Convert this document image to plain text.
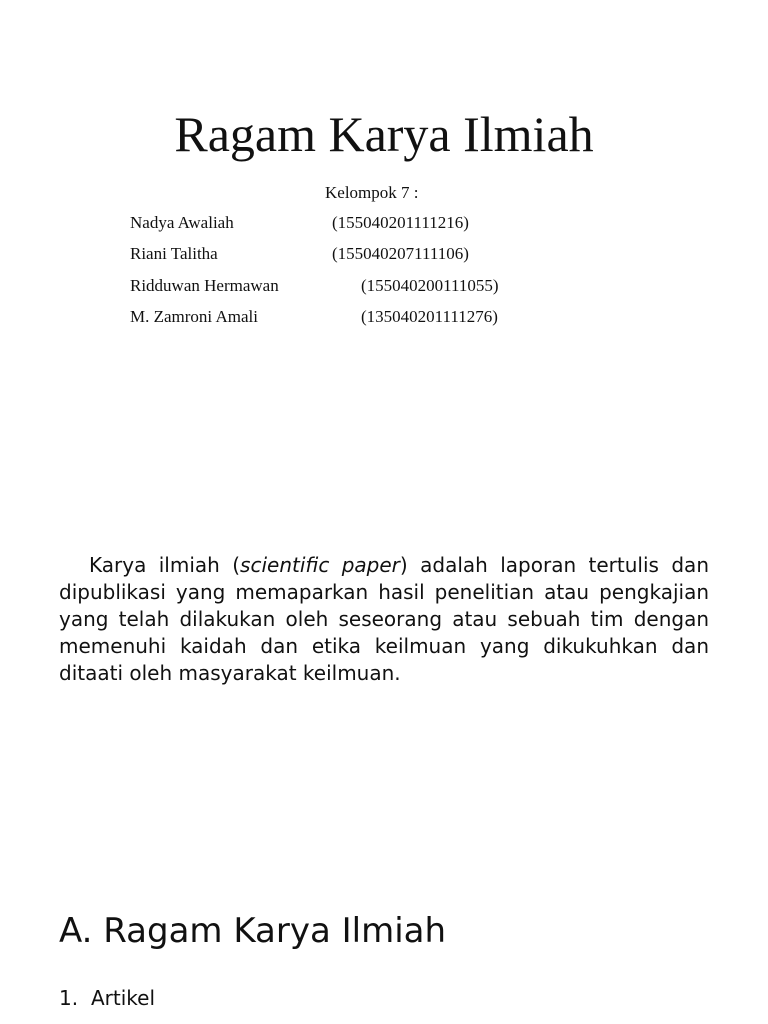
Ragam Karya Ilmiah
Kelompok 7 :
Nadya Awaliah	(155040201111216)
Riani Talitha	(155040207111106)
Ridduwan Hermawan	(155040200111055)
M. Zamroni Amali	(135040201111276)

Karya ilmiah (scientific paper) adalah laporan tertulis dan dipublikasi yang memaparkan hasil penelitian atau pengkajian yang telah dilakukan oleh seseorang atau sebuah tim dengan memenuhi kaidah dan etika keilmuan yang dikukuhkan dan ditaati oleh masyarakat keilmuan.

A. Ragam Karya Ilmiah
1. Artikel
